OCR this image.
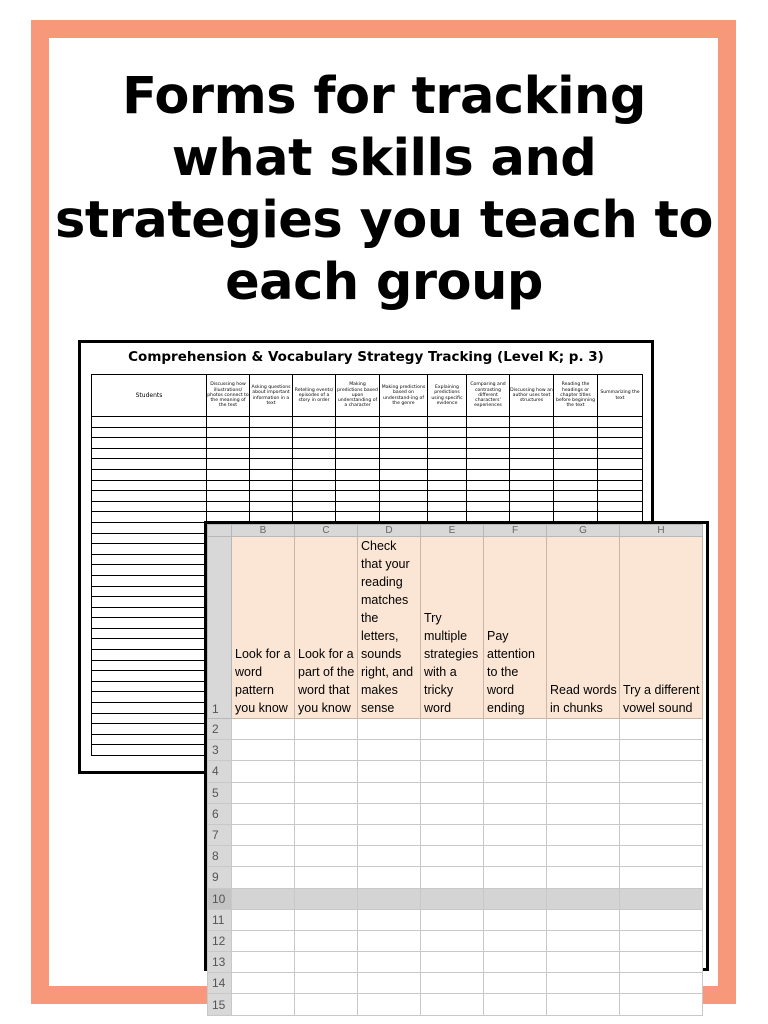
Forms for tracking
what skills and
strategies you teach to
each group
Comprehension & Vocabulary Strategy Tracking (Level K; p. 3)
Students	Discussing how illustrations/ photos connect to the meaning of the text	Asking questions about important information in a text	Retelling events/ episodes of a story in order	Making predictions based upon understanding of a character	Making predictions based on understand-ing of the genre	Explaining predictions using specific evidence	Comparing and contrasting different characters' experiences	Discussing how an author uses text structures	Reading the headings or chapter titles before beginning the text	Summarizing the text

	B	C	D	E	F	G	H
1	Look for a word pattern you know	Look for a part of the word that you know	Check that your reading matches the letters, sounds right, and makes sense	Try multiple strategies with a tricky word	Pay attention to the word ending	Read words in chunks	Try a different vowel sound
2							
3							
4							
5							
6							
7							
8							
9							
10							
11							
12							
13							
14							
15							
